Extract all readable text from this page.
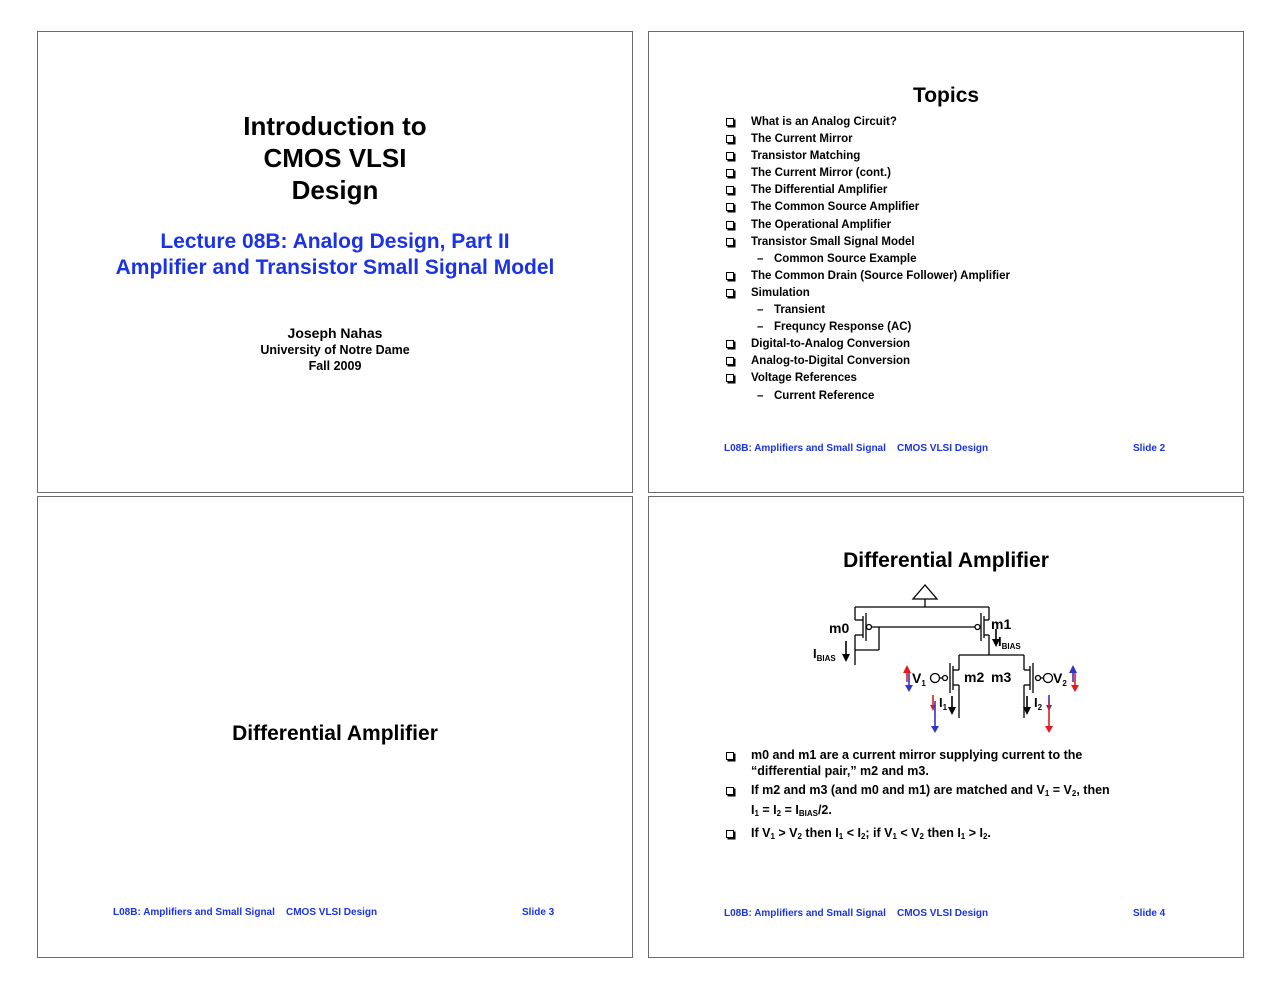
Introduction to
CMOS VLSI
Design
Lecture 08B: Analog Design, Part II
Amplifier and Transistor Small Signal Model
Joseph Nahas
University of Notre Dame
Fall 2009
Topics
What is an Analog Circuit?
The Current Mirror
Transistor Matching
The Current Mirror (cont.)
The Differential Amplifier
The Common Source Amplifier
The Operational Amplifier
Transistor Small Signal Model
– Common Source Example
The Common Drain (Source Follower) Amplifier
Simulation
– Transient
– Frequncy Response (AC)
Digital-to-Analog Conversion
Analog-to-Digital Conversion
Voltage References
– Current Reference
L08B: Amplifiers and Small Signal    CMOS VLSI Design	Slide 2
Differential Amplifier
L08B: Amplifiers and Small Signal    CMOS VLSI Design	Slide 3
Differential Amplifier
m0	m1
$I_{BIAS}$
$I_{BIAS}$
$V_1$	m2 m3	$V_2$
$I_1$	$I_2$
m0 and m1 are a current mirror supplying current to the
“differential pair,” m2 and m3.
If m2 and m3 (and m0 and m1) are matched and V1 = V2, then
I1 = I2 = IBIAS/2.
If V1 > V2 then I1 < I2; if V1 < V2 then I1 > I2.
L08B: Amplifiers and Small Signal    CMOS VLSI Design	Slide 4
